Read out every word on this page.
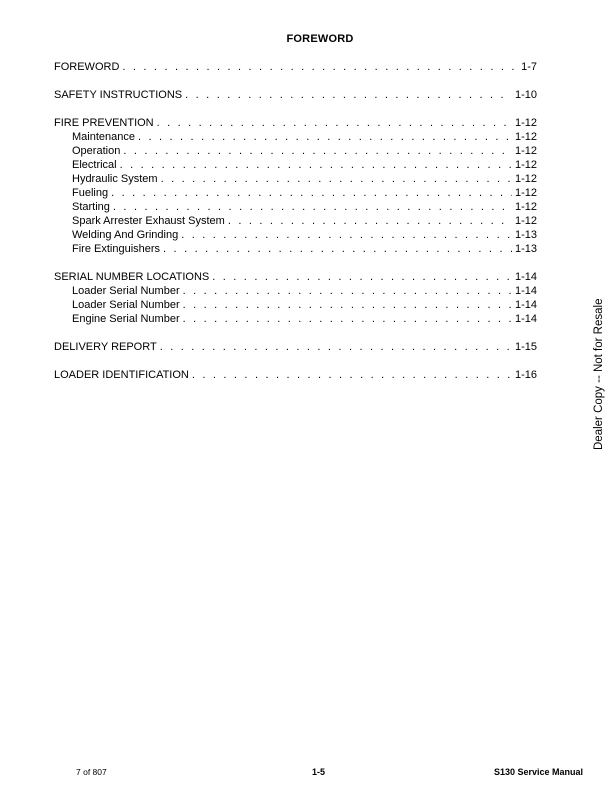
FOREWORD
FOREWORD . . .	1-7
SAFETY INSTRUCTIONS . . .	1-10
FIRE PREVENTION . . .	1-12
Maintenance . . .	1-12
Operation . . .	1-12
Electrical . . .	1-12
Hydraulic System . . .	1-12
Fueling . . .	1-12
Starting . . .	1-12
Spark Arrester Exhaust System . . .	1-12
Welding And Grinding . . .	1-13
Fire Extinguishers . . .	1-13
SERIAL NUMBER LOCATIONS . . .	1-14
Loader Serial Number . . .	1-14
Loader Serial Number . . .	1-14
Engine Serial Number . . .	1-14
DELIVERY REPORT . . .	1-15
LOADER IDENTIFICATION . . .	1-16	Dealer Copy -- Not for Resale
7 of 807	1-5	S130 Service Manual
